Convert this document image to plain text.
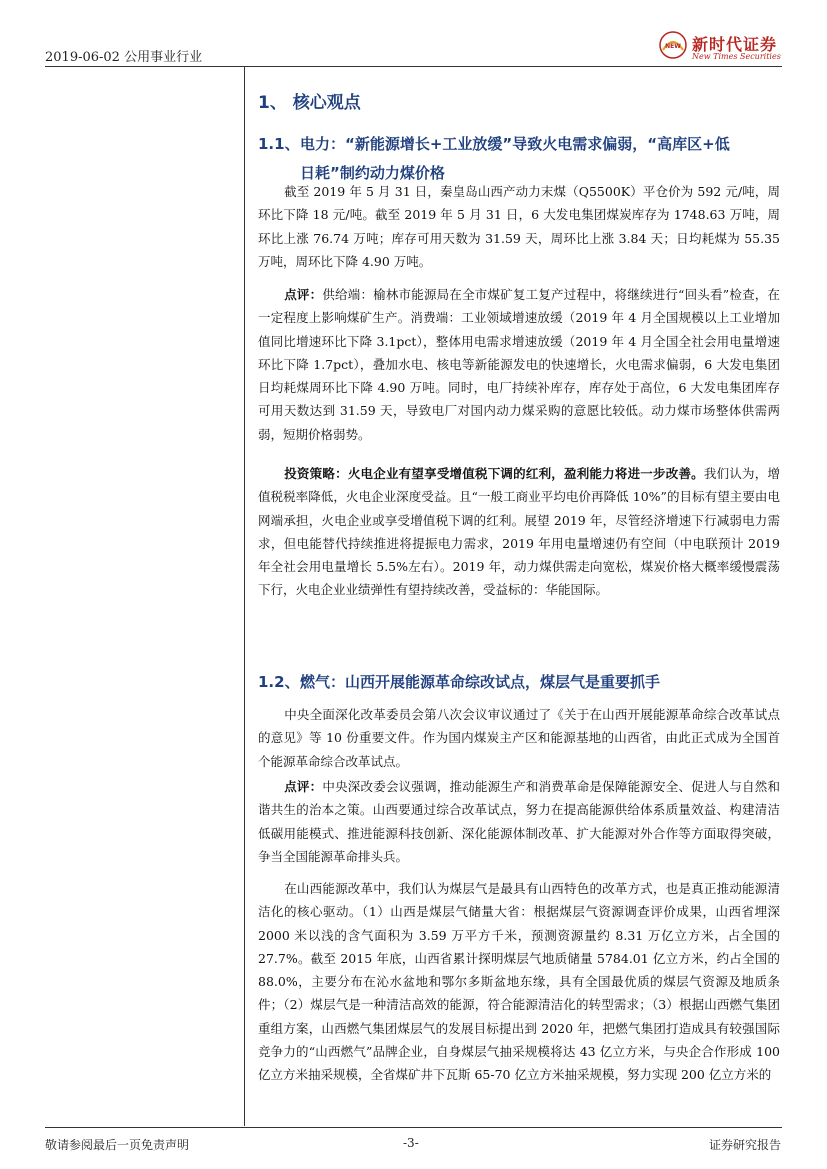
2019-06-02 公用事业行业
NEW 新时代证券
New Times Securities
1、 核心观点
1.1、电力：“新能源增长+工业放缓”导致火电需求偏弱，“高库区+低
日耗”制约动力煤价格

截至 2019 年 5 月 31 日，秦皇岛山西产动力末煤（Q5500K）平仓价为 592 元/吨，周环比下降 18 元/吨。截至 2019 年 5 月 31 日，6 大发电集团煤炭库存为 1748.63 万吨，周环比上涨 76.74 万吨；库存可用天数为 31.59 天，周环比上涨 3.84 天；日均耗煤为 55.35 万吨，周环比下降 4.90 万吨。

点评：供给端：榆林市能源局在全市煤矿复工复产过程中，将继续进行“回头看”检查，在一定程度上影响煤矿生产。消费端：工业领域增速放缓（2019 年 4 月全国规模以上工业增加值同比增速环比下降 3.1pct），整体用电需求增速放缓（2019 年 4 月全国全社会用电量增速环比下降 1.7pct），叠加水电、核电等新能源发电的快速增长，火电需求偏弱，6 大发电集团日均耗煤周环比下降 4.90 万吨。同时，电厂持续补库存，库存处于高位，6 大发电集团库存可用天数达到 31.59 天，导致电厂对国内动力煤采购的意愿比较低。动力煤市场整体供需两弱，短期价格弱势。

投资策略：火电企业有望享受增值税下调的红利，盈利能力将进一步改善。我们认为，增值税税率降低，火电企业深度受益。且“一般工商业平均电价再降低 10%”的目标有望主要由电网端承担，火电企业或享受增值税下调的红利。展望 2019 年，尽管经济增速下行减弱电力需求，但电能替代持续推进将提振电力需求，2019 年用电量增速仍有空间（中电联预计 2019 年全社会用电量增长 5.5%左右）。2019 年，动力煤供需走向宽松，煤炭价格大概率缓慢震荡下行，火电企业业绩弹性有望持续改善，受益标的：华能国际。

1.2、燃气：山西开展能源革命综改试点，煤层气是重要抓手

中央全面深化改革委员会第八次会议审议通过了《关于在山西开展能源革命综合改革试点的意见》等 10 份重要文件。作为国内煤炭主产区和能源基地的山西省，由此正式成为全国首个能源革命综合改革试点。

点评：中央深改委会议强调，推动能源生产和消费革命是保障能源安全、促进人与自然和谐共生的治本之策。山西要通过综合改革试点，努力在提高能源供给体系质量效益、构建清洁低碳用能模式、推进能源科技创新、深化能源体制改革、扩大能源对外合作等方面取得突破，争当全国能源革命排头兵。

在山西能源改革中，我们认为煤层气是最具有山西特色的改革方式，也是真正推动能源清洁化的核心驱动。（1）山西是煤层气储量大省：根据煤层气资源调查评价成果，山西省埋深 2000 米以浅的含气面积为 3.59 万平方千米，预测资源量约 8.31 万亿立方米，占全国的 27.7%。截至 2015 年底，山西省累计探明煤层气地质储量 5784.01 亿立方米，约占全国的 88.0%，主要分布在沁水盆地和鄂尔多斯盆地东缘，具有全国最优质的煤层气资源及地质条件；（2）煤层气是一种清洁高效的能源，符合能源清洁化的转型需求；（3）根据山西燃气集团重组方案，山西燃气集团煤层气的发展目标提出到 2020 年，把燃气集团打造成具有较强国际竞争力的“山西燃气”品牌企业，自身煤层气抽采规模将达 43 亿立方米，与央企合作形成 100 亿立方米抽采规模，全省煤矿井下瓦斯 65-70 亿立方米抽采规模，努力实现 200 亿立方米的

敬请参阅最后一页免责声明	-3-	证券研究报告
